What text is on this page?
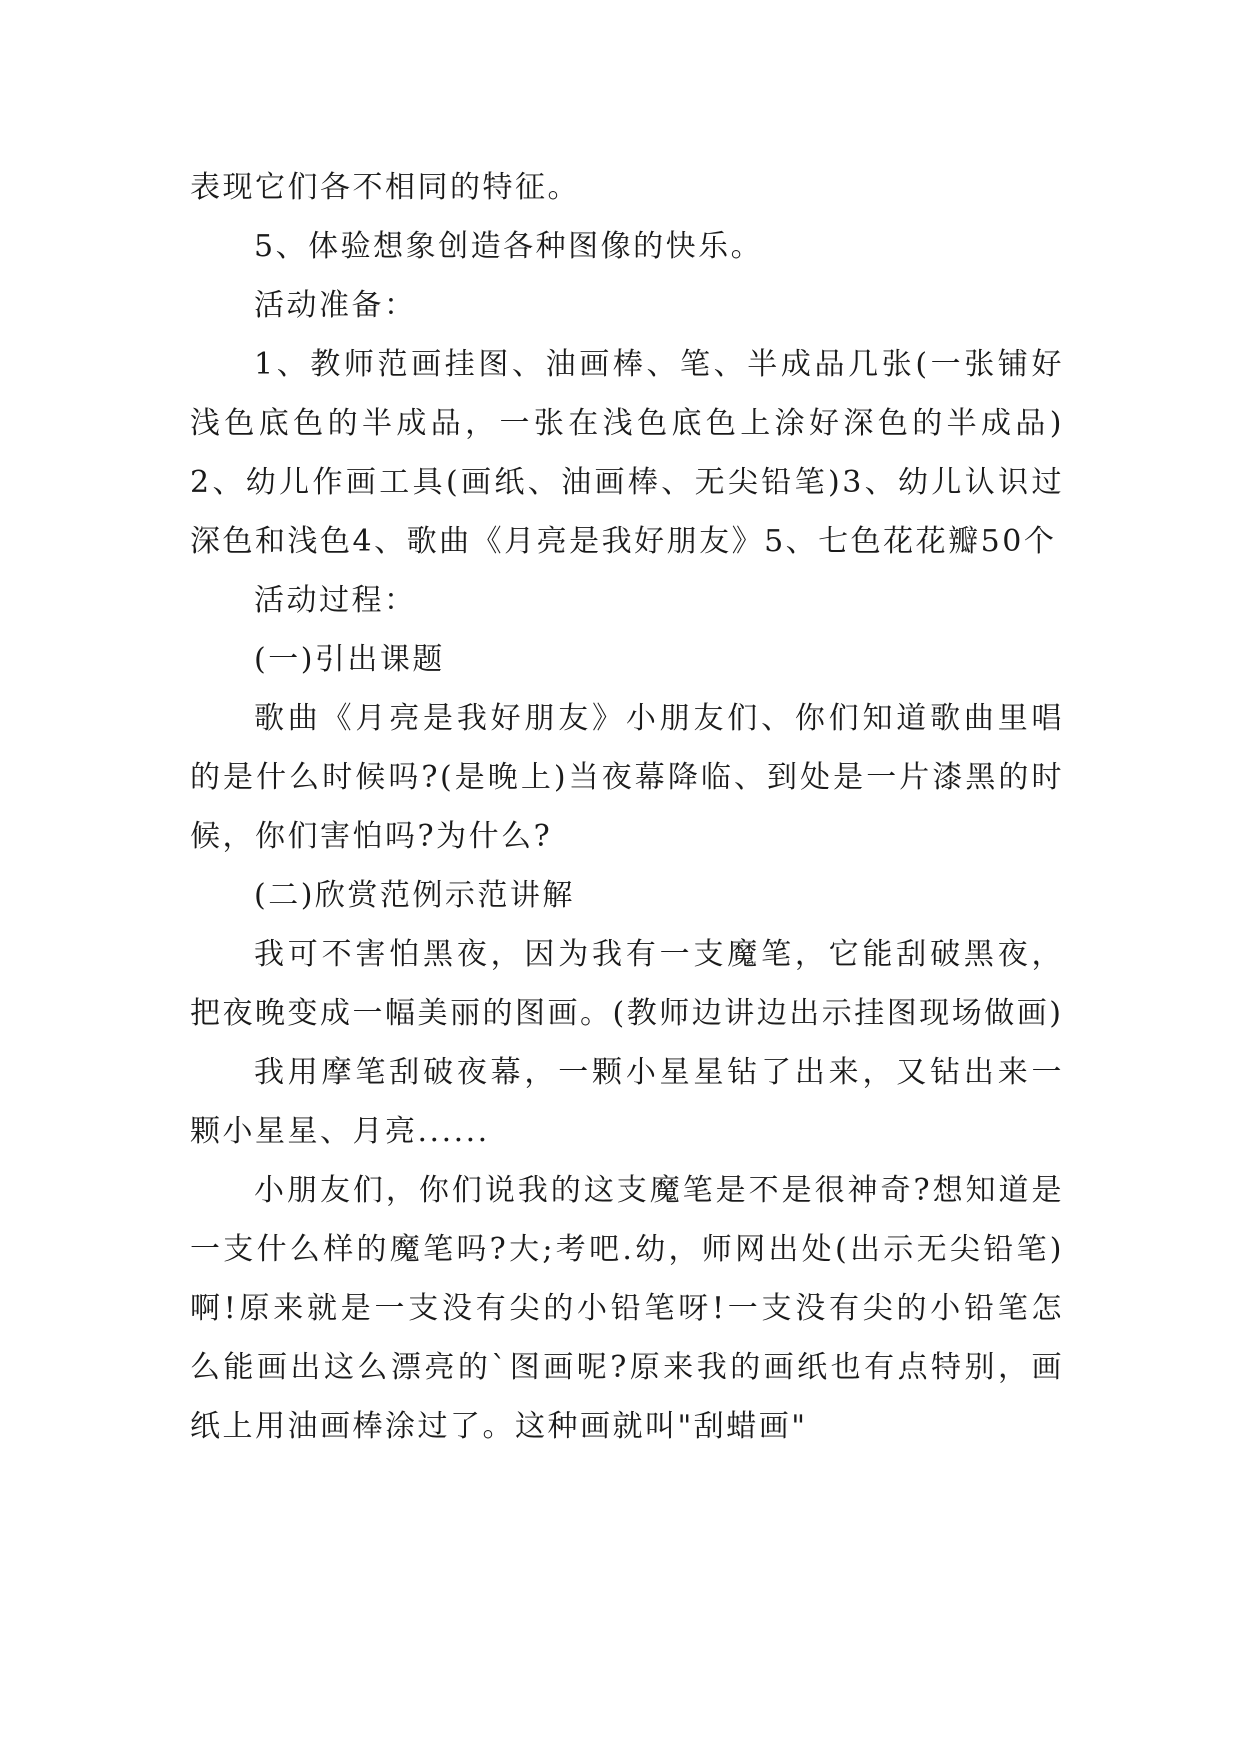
表现它们各不相同的特征。

5、体验想象创造各种图像的快乐。

活动准备：

1、教师范画挂图、油画棒、笔、半成品几张(一张铺好浅色底色的半成品，一张在浅色底色上涂好深色的半成品)2、幼儿作画工具(画纸、油画棒、无尖铅笔)3、幼儿认识过深色和浅色4、歌曲《月亮是我好朋友》5、七色花花瓣50个

活动过程：

(一)引出课题

歌曲《月亮是我好朋友》小朋友们、你们知道歌曲里唱的是什么时候吗?(是晚上)当夜幕降临、到处是一片漆黑的时候，你们害怕吗?为什么?

(二)欣赏范例示范讲解

我可不害怕黑夜，因为我有一支魔笔，它能刮破黑夜，把夜晚变成一幅美丽的图画。(教师边讲边出示挂图现场做画)

我用摩笔刮破夜幕，一颗小星星钻了出来，又钻出来一颗小星星、月亮......

小朋友们，你们说我的这支魔笔是不是很神奇?想知道是一支什么样的魔笔吗?大;考吧.幼，师网出处(出示无尖铅笔)啊!原来就是一支没有尖的小铅笔呀!一支没有尖的小铅笔怎么能画出这么漂亮的`图画呢?原来我的画纸也有点特别，画纸上用油画棒涂过了。这种画就叫"刮蜡画"
